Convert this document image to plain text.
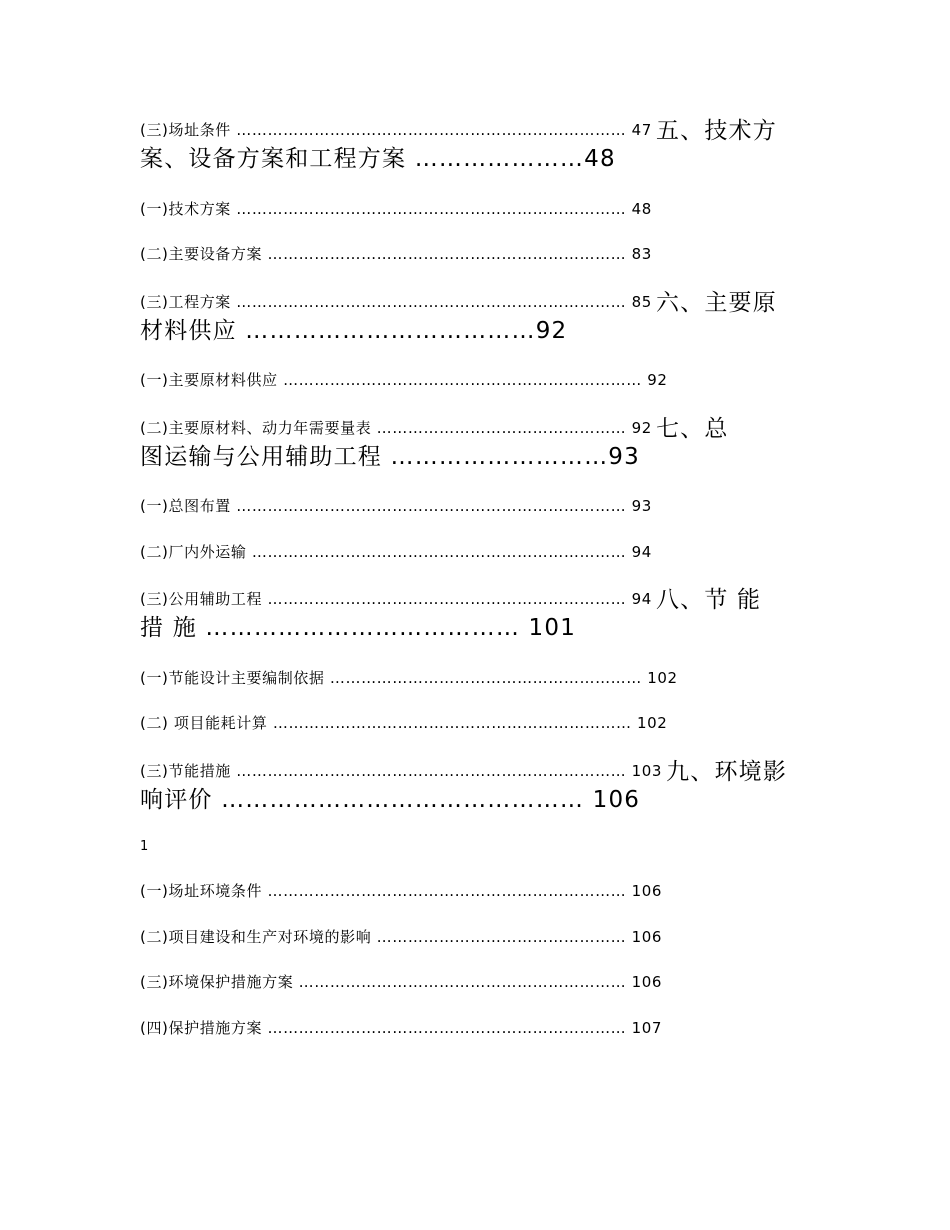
(三)场址条件 ………………………………………………………………… 47 五、技术方
案、设备方案和工程方案 …………………48
(一)技术方案 ………………………………………………………………… 48
(二)主要设备方案 …………………………………………………………… 83
(三)工程方案 ………………………………………………………………… 85 六、主要原
材料供应 ………………………………92
(一)主要原材料供应 …………………………………………………………… 92
(二)主要原材料、动力年需要量表 ………………………………………… 92 七、总
图运输与公用辅助工程 ………………………93
(一)总图布置 ………………………………………………………………… 93
(二)厂内外运输 ……………………………………………………………… 94
(三)公用辅助工程 …………………………………………………………… 94 八、节 能
措 施 ………………………………… 101
(一)节能设计主要编制依据 …………………………………………………… 102
(二) 项目能耗计算 …………………………………………………………… 102
(三)节能措施 ………………………………………………………………… 103 九、环境影
响评价 ……………………………………… 106
1
(一)场址环境条件 …………………………………………………………… 106
(二)项目建设和生产对环境的影响 ………………………………………… 106
(三)环境保护措施方案 ……………………………………………………… 106
(四)保护措施方案 …………………………………………………………… 107
